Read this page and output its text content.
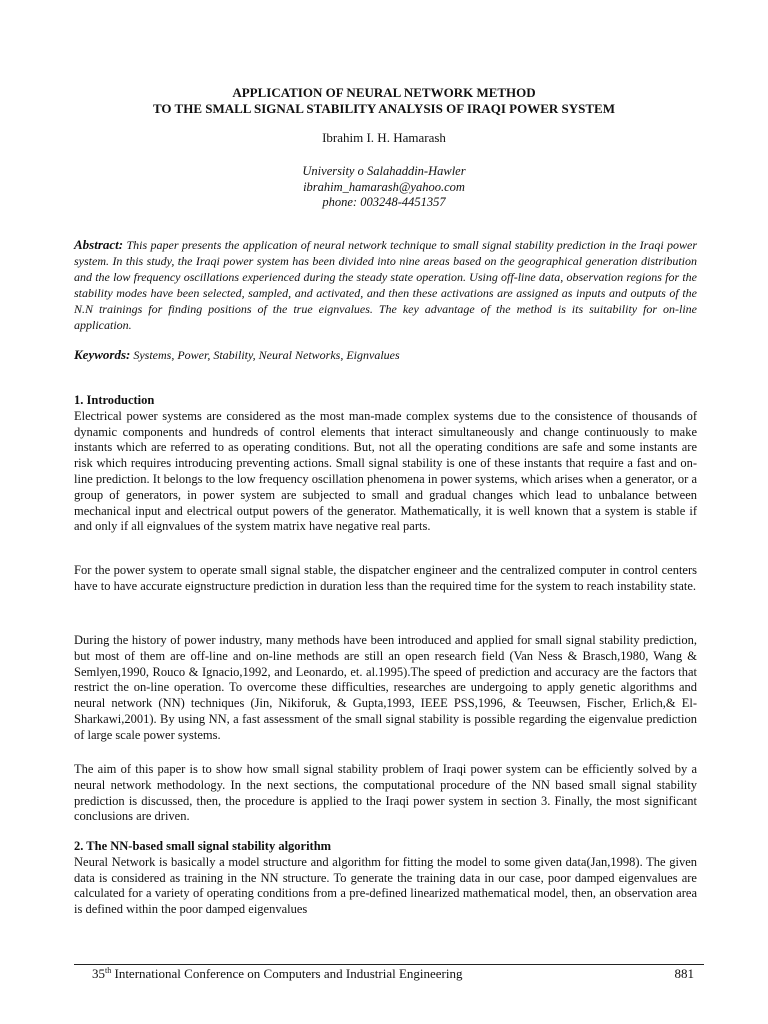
APPLICATION OF NEURAL NETWORK METHOD
TO THE SMALL SIGNAL STABILITY ANALYSIS OF IRAQI POWER SYSTEM
Ibrahim I. H. Hamarash
University o Salahaddin-Hawler
ibrahim_hamarash@yahoo.com
phone: 003248-4451357
Abstract: This paper presents the application of neural network technique to small signal stability prediction in the Iraqi power system. In this study, the Iraqi power system has been divided into nine areas based on the geographical generation distribution and the low frequency oscillations experienced during the steady state operation. Using off-line data, observation regions for the stability modes have been selected, sampled, and activated, and then these activations are assigned as inputs and outputs of the N.N trainings for finding positions of the true eignvalues. The key advantage of the method is its suitability for on-line application.
Keywords: Systems, Power, Stability, Neural Networks, Eignvalues
1. Introduction
Electrical power systems are considered as the most man-made complex systems due to the consistence of thousands of dynamic components and hundreds of control elements that interact simultaneously and change continuously to make instants which are referred to as operating conditions. But, not all the operating conditions are safe and some instants are risk which requires introducing preventing actions. Small signal stability is one of these instants that require a fast and on-line prediction. It belongs to the low frequency oscillation phenomena in power systems, which arises when a generator, or a group of generators, in power system are subjected to small and gradual changes which lead to unbalance between mechanical input and electrical output powers of the generator. Mathematically, it is well known that a system is stable if and only if all eignvalues of the system matrix have negative real parts.
For the power system to operate small signal stable, the dispatcher engineer and the centralized computer in control centers have to have accurate eignstructure prediction in duration less than the required time for the system to reach instability state.
During the history of power industry, many methods have been introduced and applied for small signal stability prediction, but most of them are off-line and on-line methods are still an open research field (Van Ness & Brasch,1980, Wang & Semlyen,1990, Rouco & Ignacio,1992, and Leonardo, et. al.1995).The speed of prediction and accuracy are the factors that restrict the on-line operation. To overcome these difficulties, researches are undergoing to apply genetic algorithms and neural network (NN) techniques (Jin, Nikiforuk, & Gupta,1993, IEEE PSS,1996, & Teeuwsen, Fischer, Erlich,& El-Sharkawi,2001). By using NN, a fast assessment of the small signal stability is possible regarding the eigenvalue prediction of large scale power systems.
The aim of this paper is to show how small signal stability problem of Iraqi power system can be efficiently solved by a neural network methodology. In the next sections, the computational procedure of the NN based small signal stability prediction is discussed, then, the procedure is applied to the Iraqi power system in section 3. Finally, the most significant conclusions are driven.
2. The NN-based small signal stability algorithm
Neural Network is basically a model structure and algorithm for fitting the model to some given data(Jan,1998). The given data is considered as training in the NN structure. To generate the training data in our case, poor damped eigenvalues are calculated for a variety of operating conditions from a pre-defined linearized mathematical model, then, an observation area is defined within the poor damped eigenvalues
35th International Conference on Computers and Industrial Engineering	881
